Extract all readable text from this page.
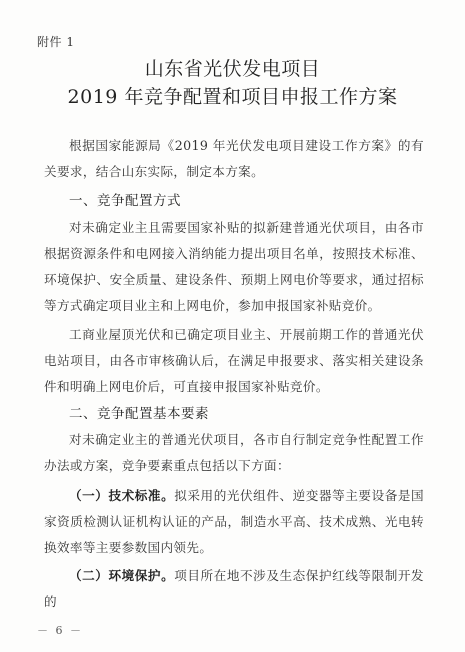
附件 1
山东省光伏发电项目
2019 年竞争配置和项目申报工作方案
根据国家能源局《2019 年光伏发电项目建设工作方案》的有关要求，结合山东实际，制定本方案。
一、竞争配置方式
对未确定业主且需要国家补贴的拟新建普通光伏项目，由各市根据资源条件和电网接入消纳能力提出项目名单，按照技术标准、环境保护、安全质量、建设条件、预期上网电价等要求，通过招标等方式确定项目业主和上网电价，参加申报国家补贴竞价。
工商业屋顶光伏和已确定项目业主、开展前期工作的普通光伏电站项目，由各市审核确认后，在满足申报要求、落实相关建设条件和明确上网电价后，可直接申报国家补贴竞价。
二、竞争配置基本要素
对未确定业主的普通光伏项目，各市自行制定竞争性配置工作办法或方案，竞争要素重点包括以下方面：
（一）技术标准。拟采用的光伏组件、逆变器等主要设备是国家资质检测认证机构认证的产品，制造水平高、技术成熟、光电转换效率等主要参数国内领先。
（二）环境保护。项目所在地不涉及生态保护红线等限制开发的
－ 6 －
